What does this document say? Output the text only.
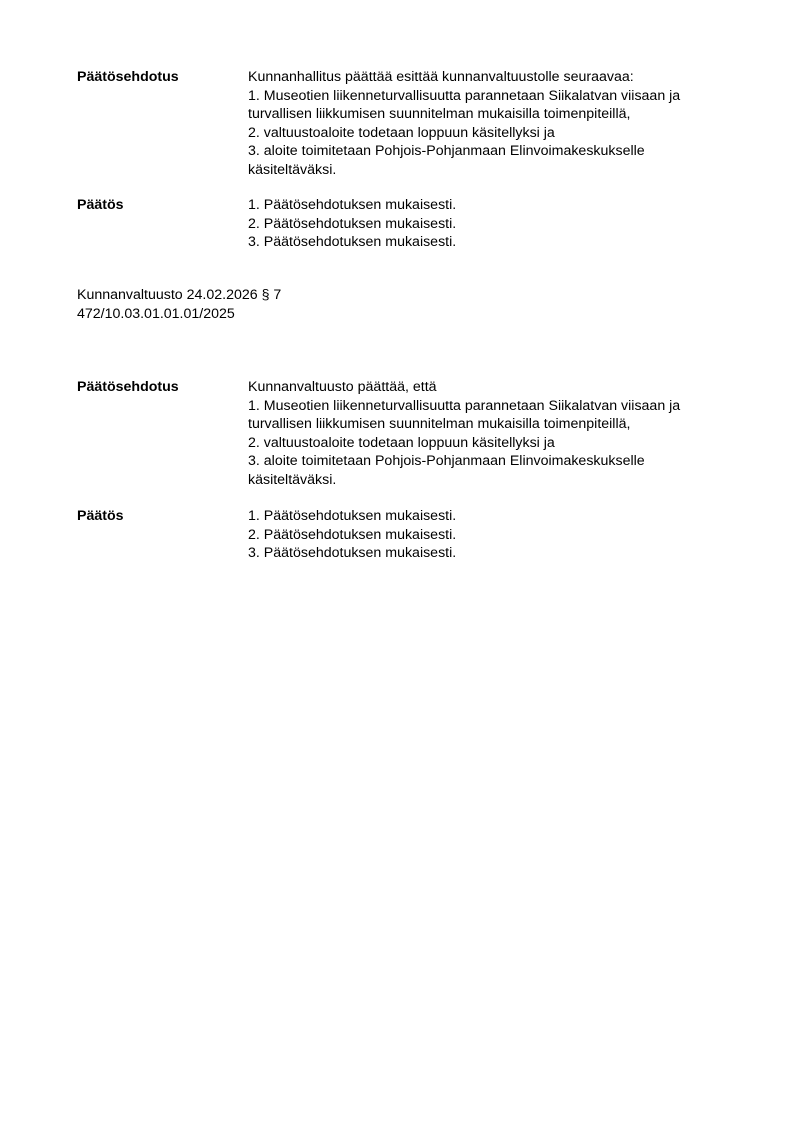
Päätösehdotus	Kunnanhallitus päättää esittää kunnanvaltuustolle seuraavaa:
1. Museotien liikenneturvallisuutta parannetaan Siikalatvan viisaan ja
turvallisen liikkumisen suunnitelman mukaisilla toimenpiteillä,
2. valtuustoaloite todetaan loppuun käsitellyksi ja
3. aloite toimitetaan Pohjois-Pohjanmaan Elinvoimakeskukselle
käsiteltäväksi.
Päätös	1. Päätösehdotuksen mukaisesti.
2. Päätösehdotuksen mukaisesti.
3. Päätösehdotuksen mukaisesti.
Kunnanvaltuusto 24.02.2026 § 7
472/10.03.01.01.01/2025
Päätösehdotus	Kunnanvaltuusto päättää, että
1. Museotien liikenneturvallisuutta parannetaan Siikalatvan viisaan ja
turvallisen liikkumisen suunnitelman mukaisilla toimenpiteillä,
2. valtuustoaloite todetaan loppuun käsitellyksi ja
3. aloite toimitetaan Pohjois-Pohjanmaan Elinvoimakeskukselle
käsiteltäväksi.
Päätös	1. Päätösehdotuksen mukaisesti.
2. Päätösehdotuksen mukaisesti.
3. Päätösehdotuksen mukaisesti.
